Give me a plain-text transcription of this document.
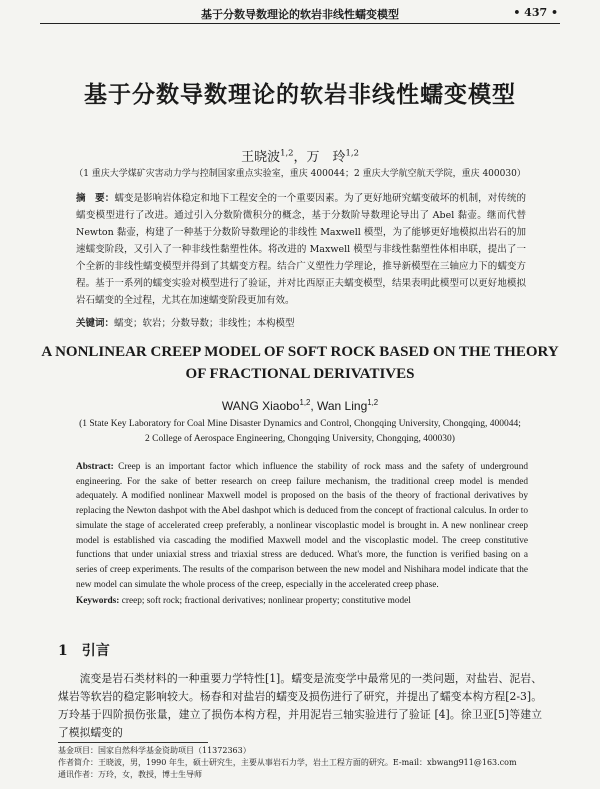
基于分数导数理论的软岩非线性蠕变模型	• 437 •
基于分数导数理论的软岩非线性蠕变模型
王晓波$^{1,2}$，万　玲$^{1,2}$
（1 重庆大学煤矿灾害动力学与控制国家重点实验室，重庆 400044；2 重庆大学航空航天学院，重庆 400030）
摘　要：蠕变是影响岩体稳定和地下工程安全的一个重要因素。为了更好地研究蠕变破坏的机制，对传统的蠕变模型进行了改进。通过引入分数阶微积分的概念，基于分数阶导数理论导出了 Abel 黏壶。继而代替 Newton 黏壶，构建了一种基于分数阶导数理论的非线性 Maxwell 模型，为了能够更好地模拟出岩石的加速蠕变阶段，又引入了一种非线性黏塑性体。将改进的 Maxwell 模型与非线性黏塑性体相串联，提出了一个全新的非线性蠕变模型并得到了其蠕变方程。结合广义塑性力学理论，推导新模型在三轴应力下的蠕变方程。基于一系列的蠕变实验对模型进行了验证，并对比西原正夫蠕变模型，结果表明此模型可以更好地模拟岩石蠕变的全过程，尤其在加速蠕变阶段更加有效。
关键词：蠕变；软岩；分数导数；非线性；本构模型
A NONLINEAR CREEP MODEL OF SOFT ROCK BASED ON THE THEORY OF FRACTIONAL DERIVATIVES
WANG Xiaobo$^{1,2}$, Wan Ling$^{1,2}$
(1 State Key Laboratory for Coal Mine Disaster Dynamics and Control, Chongqing University, Chongqing, 400044;
2 College of Aerospace Engineering, Chongqing University, Chongqing, 400030)
Abstract: Creep is an important factor which influence the stability of rock mass and the safety of underground engineering. For the sake of better research on creep failure mechanism, the traditional creep model is mended adequately. A modified nonlinear Maxwell model is proposed on the basis of the theory of fractional derivatives by replacing the Newton dashpot with the Abel dashpot which is deduced from the concept of fractional calculus. In order to simulate the stage of accelerated creep preferably, a nonlinear viscoplastic model is brought in. A new nonlinear creep model is established via cascading the modified Maxwell model and the viscoplastic model. The creep constitutive functions that under uniaxial stress and triaxial stress are deduced. What's more, the function is verified basing on a series of creep experiments. The results of the comparison between the new model and Nishihara model indicate that the new model can simulate the whole process of the creep, especially in the accelerated creep phase.
Keywords: creep; soft rock; fractional derivatives; nonlinear property; constitutive model
1 引言
流变是岩石类材料的一种重要力学特性[1]。蠕变是流变学中最常见的一类问题，对盐岩、泥岩、煤岩等软岩的稳定影响较大。杨春和对盐岩的蠕变及损伤进行了研究，并提出了蠕变本构方程[2-3]。万玲基于四阶损伤张量，建立了损伤本构方程，并用泥岩三轴实验进行了验证 [4]。徐卫亚[5]等建立了模拟蠕变的
基金项目：国家自然科学基金资助项目（11372363）
作者简介：王晓波，男，1990 年生，硕士研究生，主要从事岩石力学，岩土工程方面的研究。E-mail：xbwang911@163.com
通讯作者：万玲，女，教授，博士生导师
